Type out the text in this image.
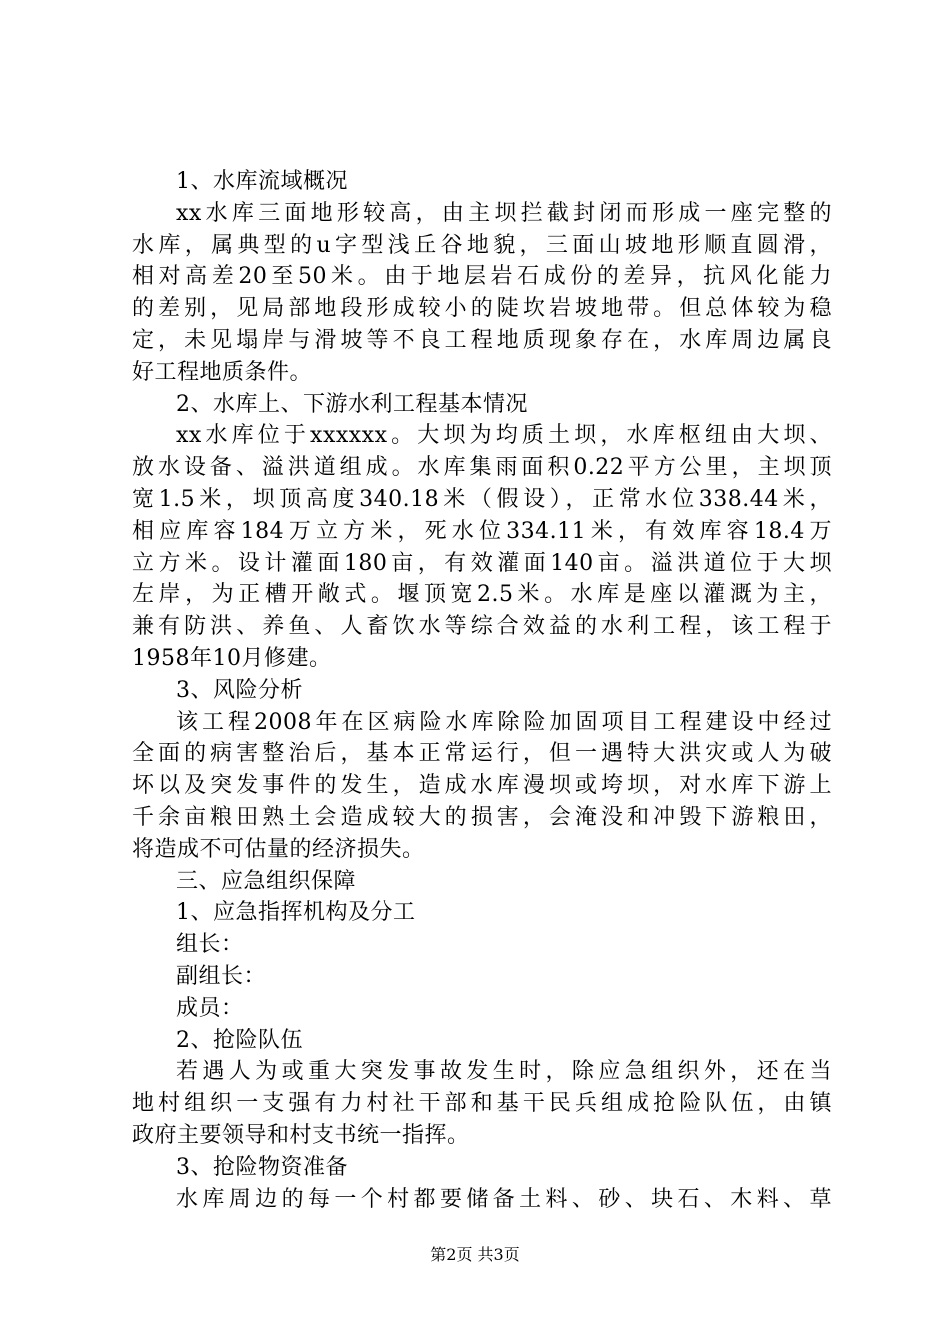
1、水库流域概况
xx水库三面地形较高，由主坝拦截封闭而形成一座完整的
水库，属典型的u字型浅丘谷地貌，三面山坡地形顺直圆滑，
相对高差20至50米。由于地层岩石成份的差异，抗风化能力
的差别，见局部地段形成较小的陡坎岩坡地带。但总体较为稳
定，未见塌岸与滑坡等不良工程地质现象存在，水库周边属良
好工程地质条件。
2、水库上、下游水利工程基本情况
xx水库位于xxxxxx。大坝为均质土坝，水库枢纽由大坝、
放水设备、溢洪道组成。水库集雨面积0.22平方公里，主坝顶
宽1.5米，坝顶高度340.18米（假设），正常水位338.44米，
相应库容184万立方米，死水位334.11米，有效库容18.4万
立方米。设计灌面180亩，有效灌面140亩。溢洪道位于大坝
左岸，为正槽开敞式。堰顶宽2.5米。水库是座以灌溉为主，
兼有防洪、养鱼、人畜饮水等综合效益的水利工程，该工程于
1958年10月修建。
3、风险分析
该工程2008年在区病险水库除险加固项目工程建设中经过
全面的病害整治后，基本正常运行，但一遇特大洪灾或人为破
坏以及突发事件的发生，造成水库漫坝或垮坝，对水库下游上
千余亩粮田熟土会造成较大的损害，会淹没和冲毁下游粮田，
将造成不可估量的经济损失。
三、应急组织保障
1、应急指挥机构及分工
组长：
副组长：
成员：
2、抢险队伍
若遇人为或重大突发事故发生时，除应急组织外，还在当
地村组织一支强有力村社干部和基干民兵组成抢险队伍，由镇
政府主要领导和村支书统一指挥。
3、抢险物资准备
水库周边的每一个村都要储备土料、砂、块石、木料、草
第2页 共3页
